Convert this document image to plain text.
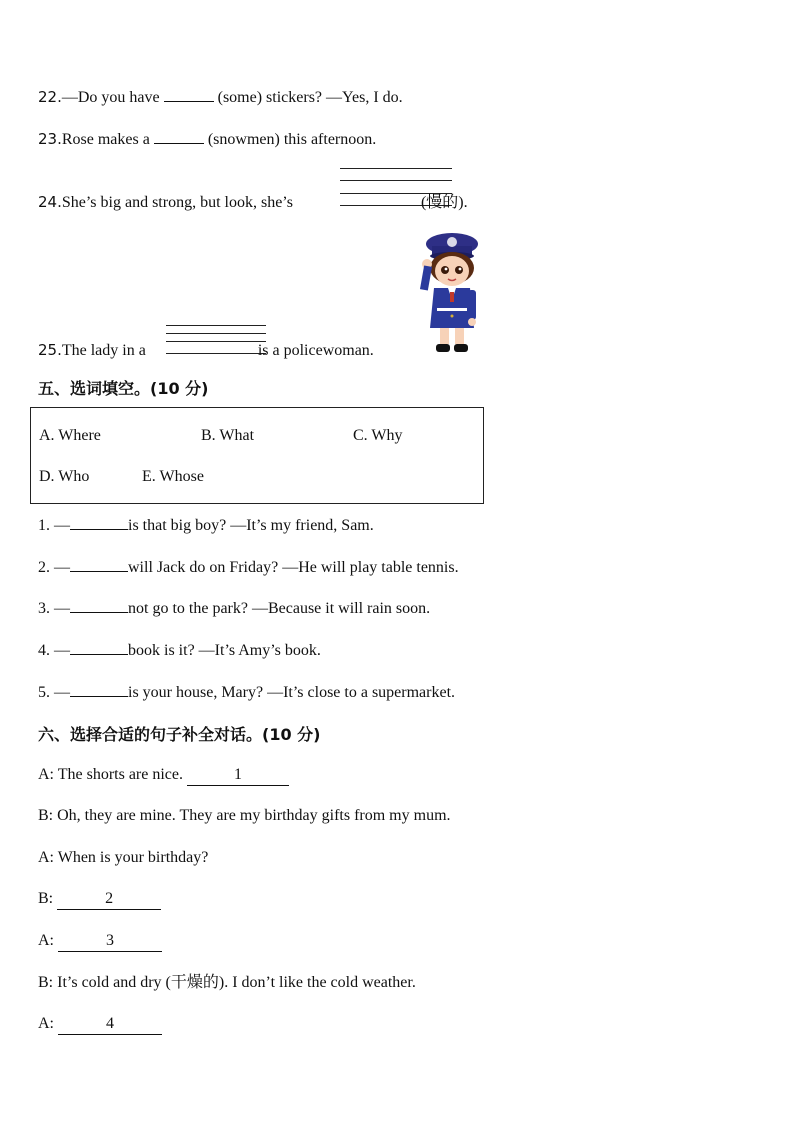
22.—Do you have	(some) stickers? —Yes, I do.
23.Rose makes a	(snowmen) this afternoon.
24.She’s big and strong, but look, she’s	(慢的).
25.The lady in a	is a policewoman.
五、选词填空。(10 分)
A. Where	B. What	C. Why
D. Who	E. Whose
1. —	is that big boy? —It’s my friend, Sam.
2. —	will Jack do on Friday? —He will play table tennis.
3. —	not go to the park? —Because it will rain soon.
4. —	book is it? —It’s Amy’s book.
5. —	is your house, Mary? —It’s close to a supermarket.
六、选择合适的句子补全对话。(10 分)
A: The shorts are nice.	1
B: Oh, they are mine. They are my birthday gifts from my mum.
A: When is your birthday?
B:	2
A:	3
B: It’s cold and dry (干燥的). I don’t like the cold weather.
A:	4
